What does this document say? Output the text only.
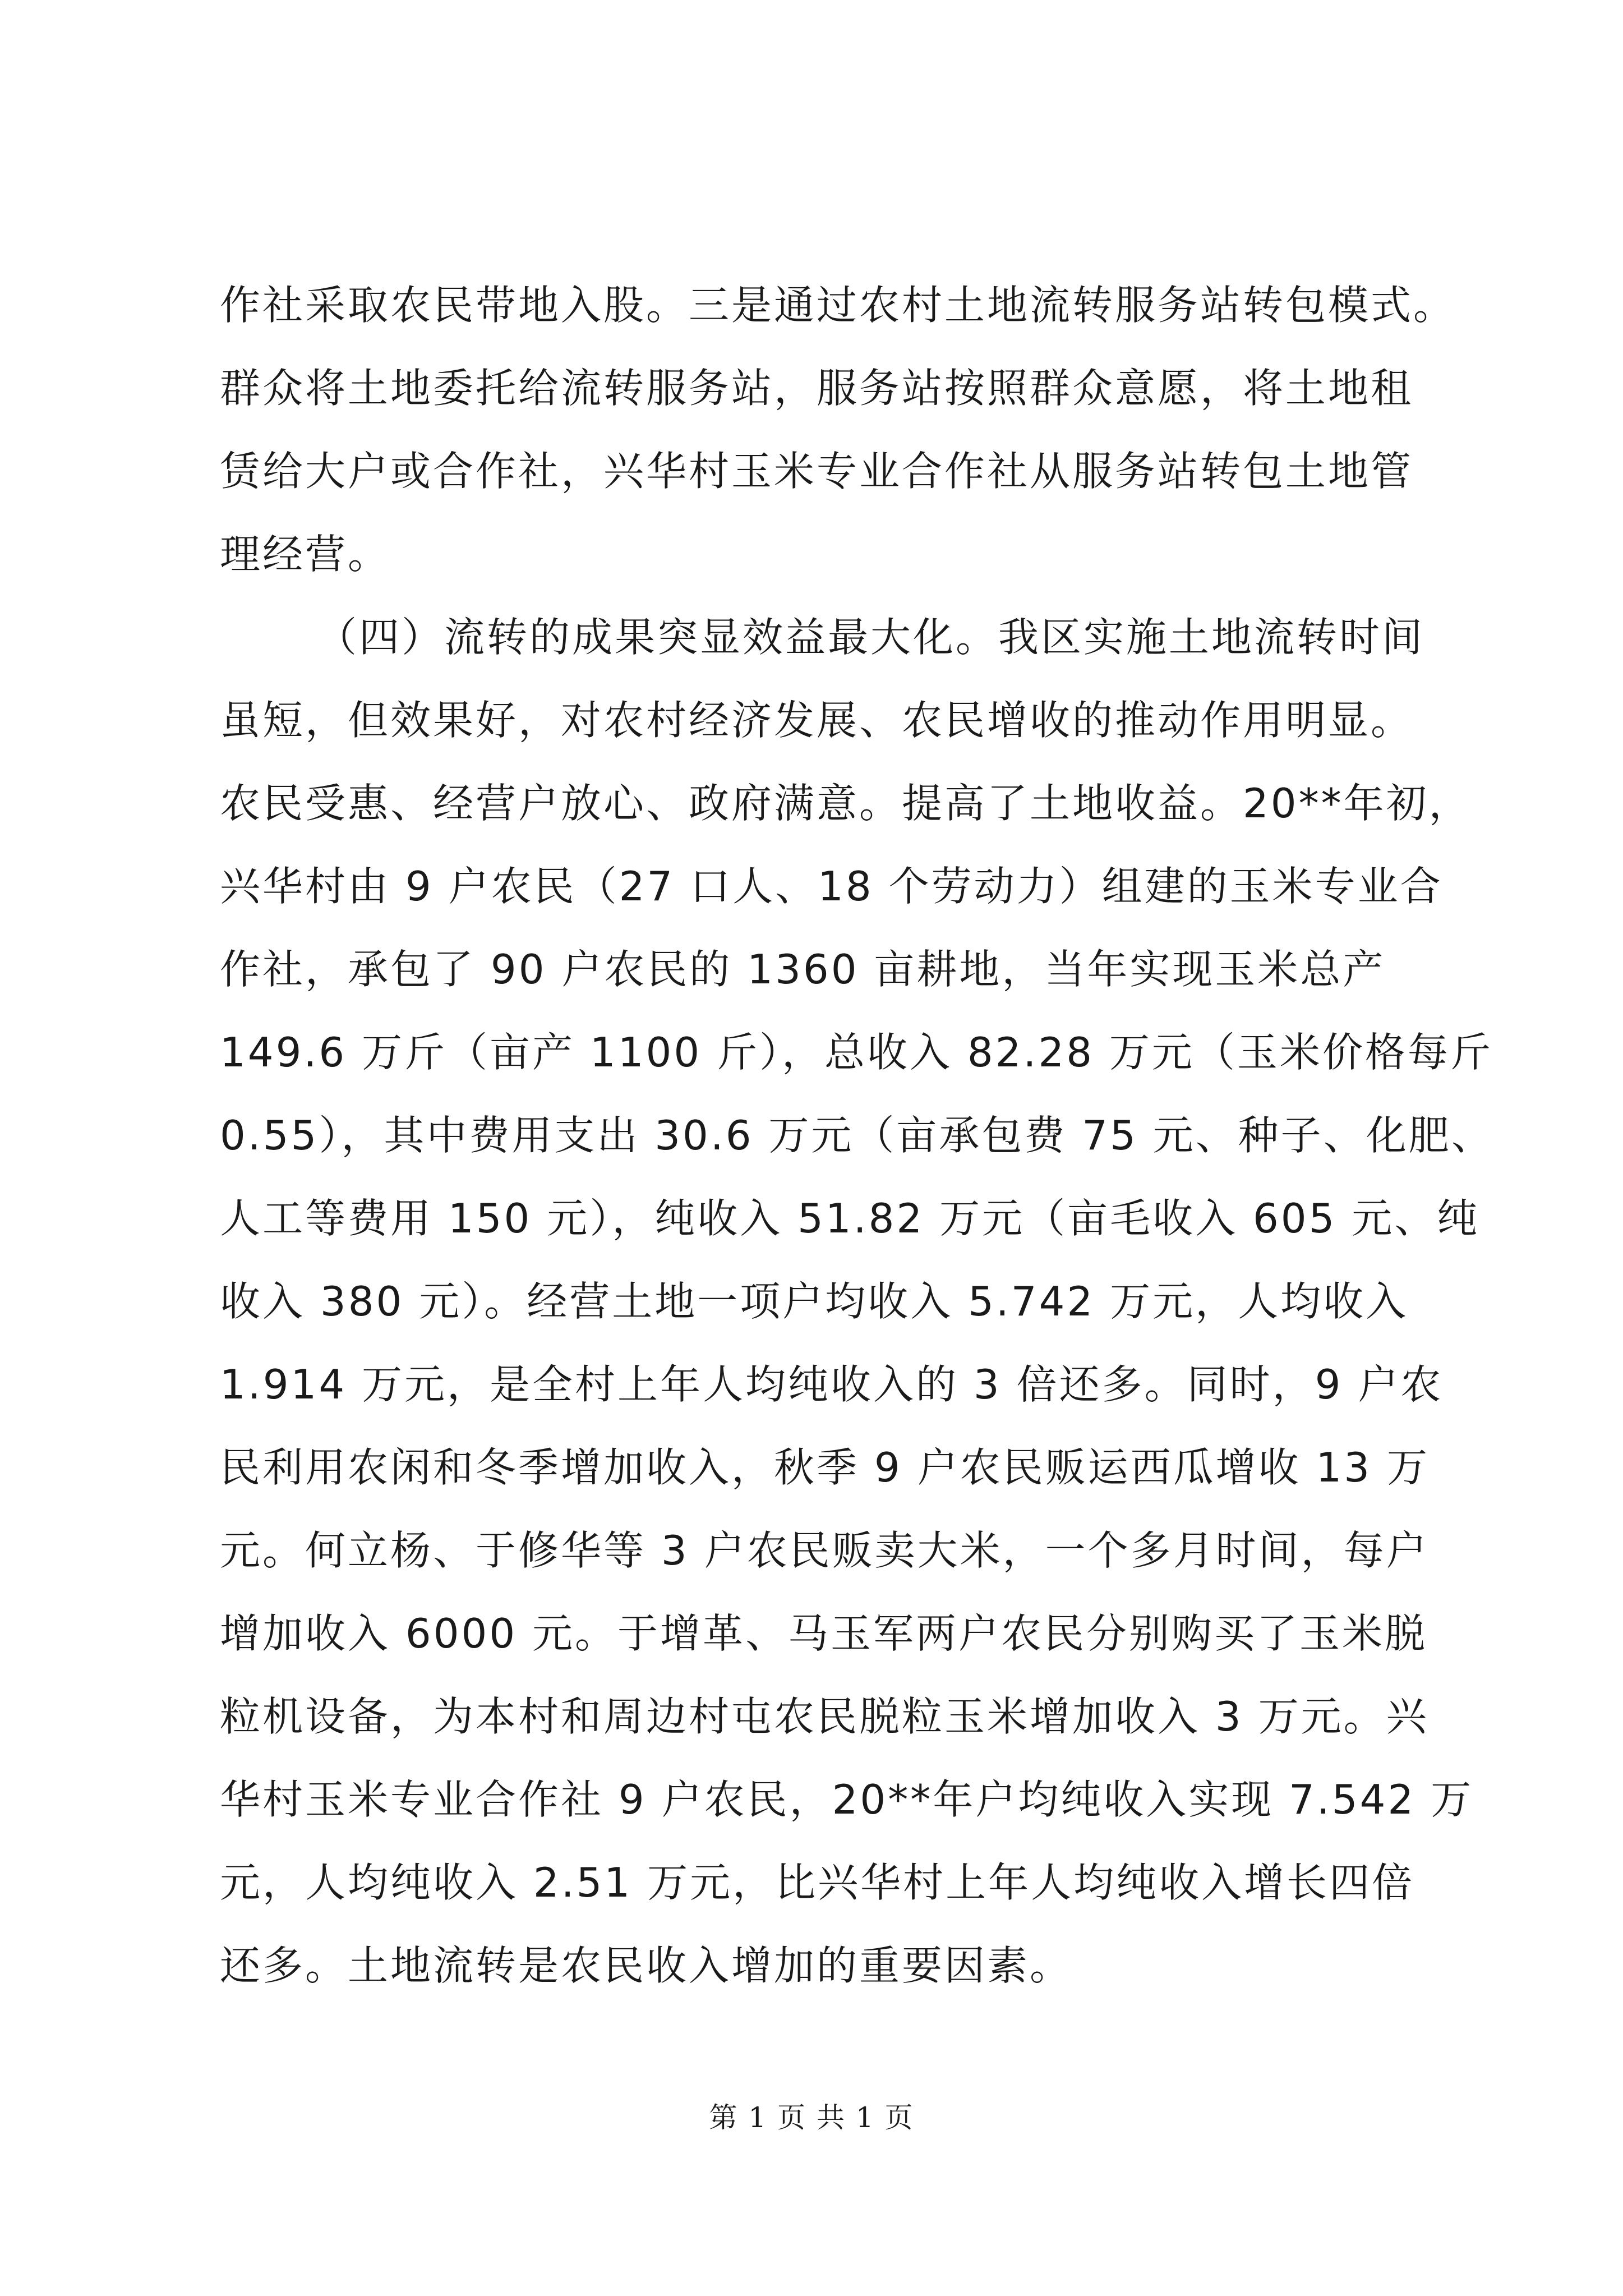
作社采取农民带地入股。三是通过农村土地流转服务站转包模式。
群众将土地委托给流转服务站，服务站按照群众意愿，将土地租
赁给大户或合作社，兴华村玉米专业合作社从服务站转包土地管
理经营。
（四）流转的成果突显效益最大化。我区实施土地流转时间
虽短，但效果好，对农村经济发展、农民增收的推动作用明显。
农民受惠、经营户放心、政府满意。提高了土地收益。20**年初，
兴华村由 9 户农民（27 口人、18 个劳动力）组建的玉米专业合
作社，承包了 90 户农民的 1360 亩耕地，当年实现玉米总产
149.6 万斤（亩产 1100 斤），总收入 82.28 万元（玉米价格每斤
0.55），其中费用支出 30.6 万元（亩承包费 75 元、种子、化肥、
人工等费用 150 元），纯收入 51.82 万元（亩毛收入 605 元、纯
收入 380 元）。经营土地一项户均收入 5.742 万元，人均收入
1.914 万元，是全村上年人均纯收入的 3 倍还多。同时，9 户农
民利用农闲和冬季增加收入，秋季 9 户农民贩运西瓜增收 13 万
元。何立杨、于修华等 3 户农民贩卖大米，一个多月时间，每户
增加收入 6000 元。于增革、马玉军两户农民分别购买了玉米脱
粒机设备，为本村和周边村屯农民脱粒玉米增加收入 3 万元。兴
华村玉米专业合作社 9 户农民，20**年户均纯收入实现 7.542 万
元，人均纯收入 2.51 万元，比兴华村上年人均纯收入增长四倍
还多。土地流转是农民收入增加的重要因素。
第 1 页 共 1 页
